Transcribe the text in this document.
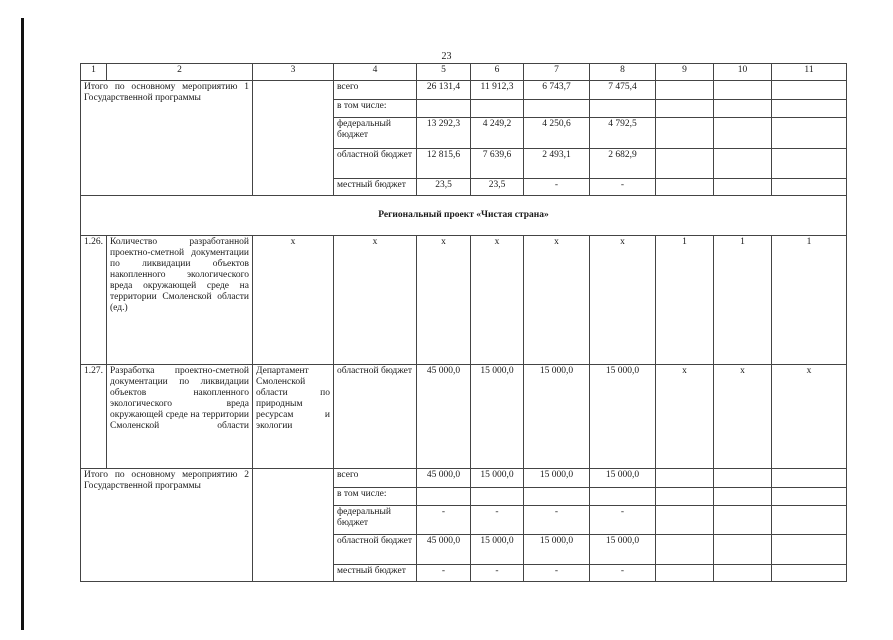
23
1	2	3	4	5	6	7	8	9	10	11
Итого по основному мероприятию 1 Государственной программы			всего	26 131,4	11 912,3	6 743,7	7 475,4			
			в том числе:							
			федеральный бюджет	13 292,3	4 249,2	4 250,6	4 792,5			
			областной бюджет	12 815,6	7 639,6	2 493,1	2 682,9			
			местный бюджет	23,5	23,5	-	-			
Региональный проект «Чистая страна»										
1.26.	Количество разработанной проектно-сметной документации по ликвидации объектов накопленного экологического вреда окружающей среде на территории Смоленской области (ед.)	х	х	х	х	х	х	1	1	1
1.27.	Разработка проектно-сметной документации по ликвидации объектов накопленного экологического вреда окружающей среде на территории Смоленской области	Департамент Смоленской области по природным ресурсам и экологии	областной бюджет	45 000,0	15 000,0	15 000,0	15 000,0	х	х	х
Итого по основному мероприятию 2 Государственной программы			всего	45 000,0	15 000,0	15 000,0	15 000,0			
			в том числе:							
			федеральный бюджет	-	-	-	-			
			областной бюджет	45 000,0	15 000,0	15 000,0	15 000,0			
			местный бюджет	-	-	-	-			
